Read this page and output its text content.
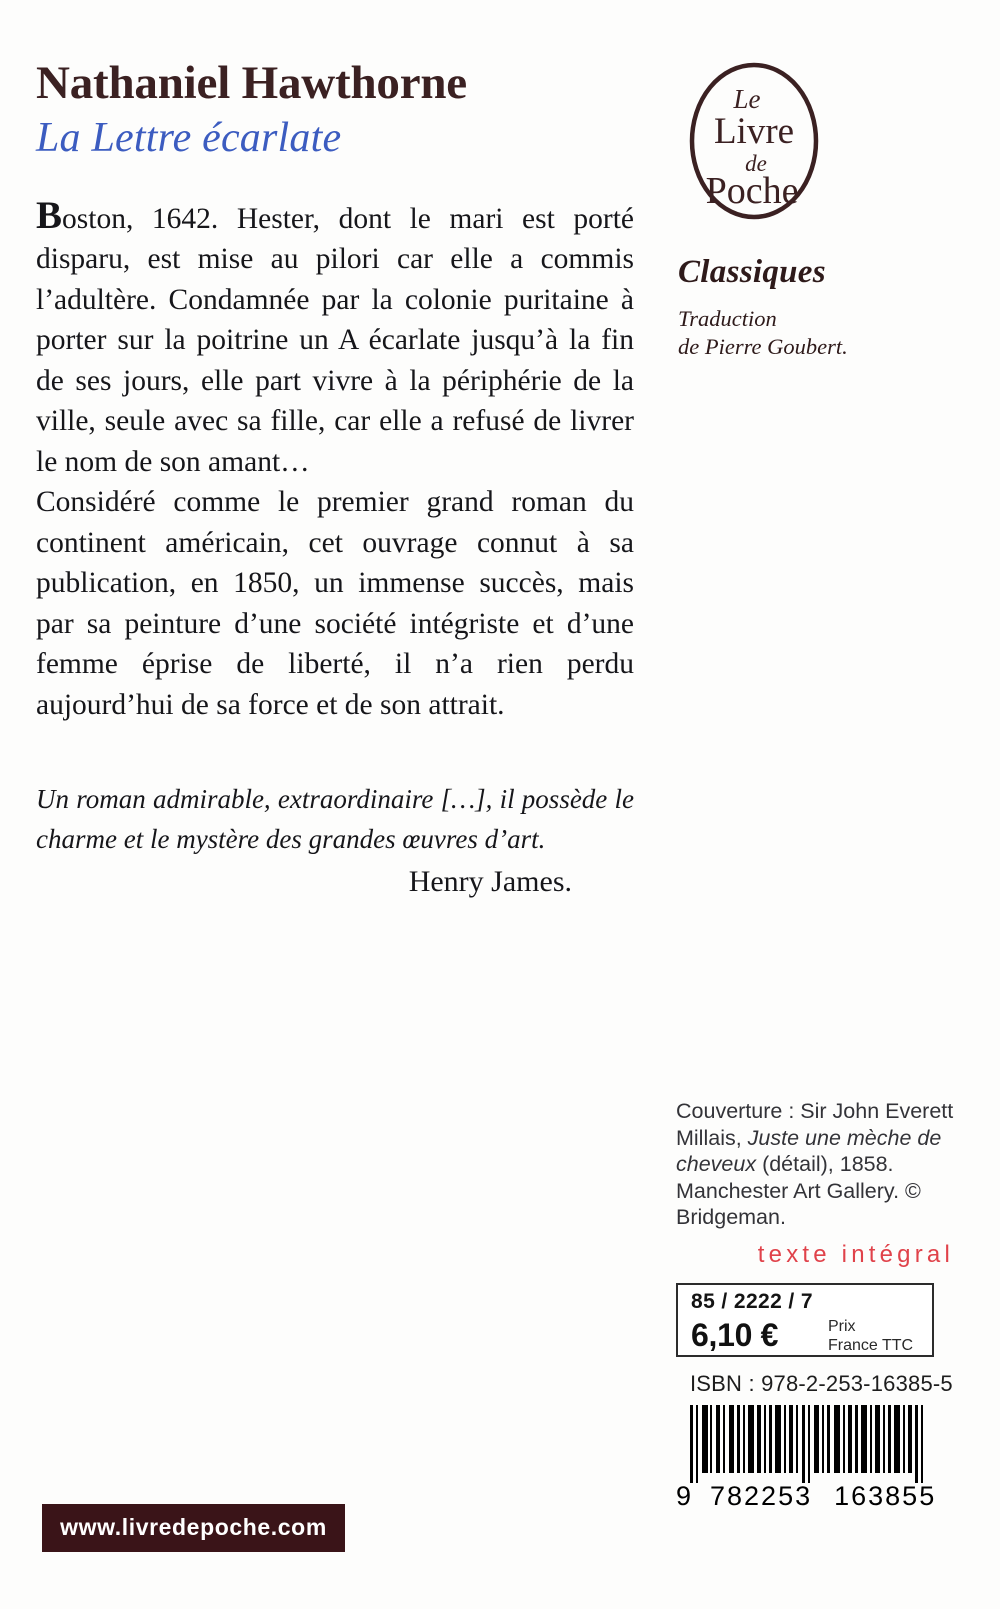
Nathaniel Hawthorne
La Lettre écarlate

Boston, 1642. Hester, dont le mari est porté disparu, est mise au pilori car elle a commis l’adultère. Condamnée par la colonie puritaine à porter sur la poitrine un A écarlate jusqu’à la fin de ses jours, elle part vivre à la périphérie de la ville, seule avec sa fille, car elle a refusé de livrer le nom de son amant…

Considéré comme le premier grand roman du continent américain, cet ouvrage connut à sa publication, en 1850, un immense succès, mais par sa peinture d’une société intégriste et d’une femme éprise de liberté, il n’a rien perdu aujourd’hui de sa force et de son attrait.

Un roman admirable, extraordinaire […], il possède le charme et le mystère des grandes œuvres d’art.

Henry James.

Le
Livre
de
Poche
Classiques
Traduction
de Pierre Goubert.

Couverture : Sir John Everett Millais, Juste une mèche de cheveux (détail), 1858. Manchester Art Gallery. © Bridgeman.

texte intégral

85 / 2222 / 7
6,10 €	Prix
France TTC
ISBN : 978-2-253-16385-5
9 782253 163855
www.livredepoche.com
